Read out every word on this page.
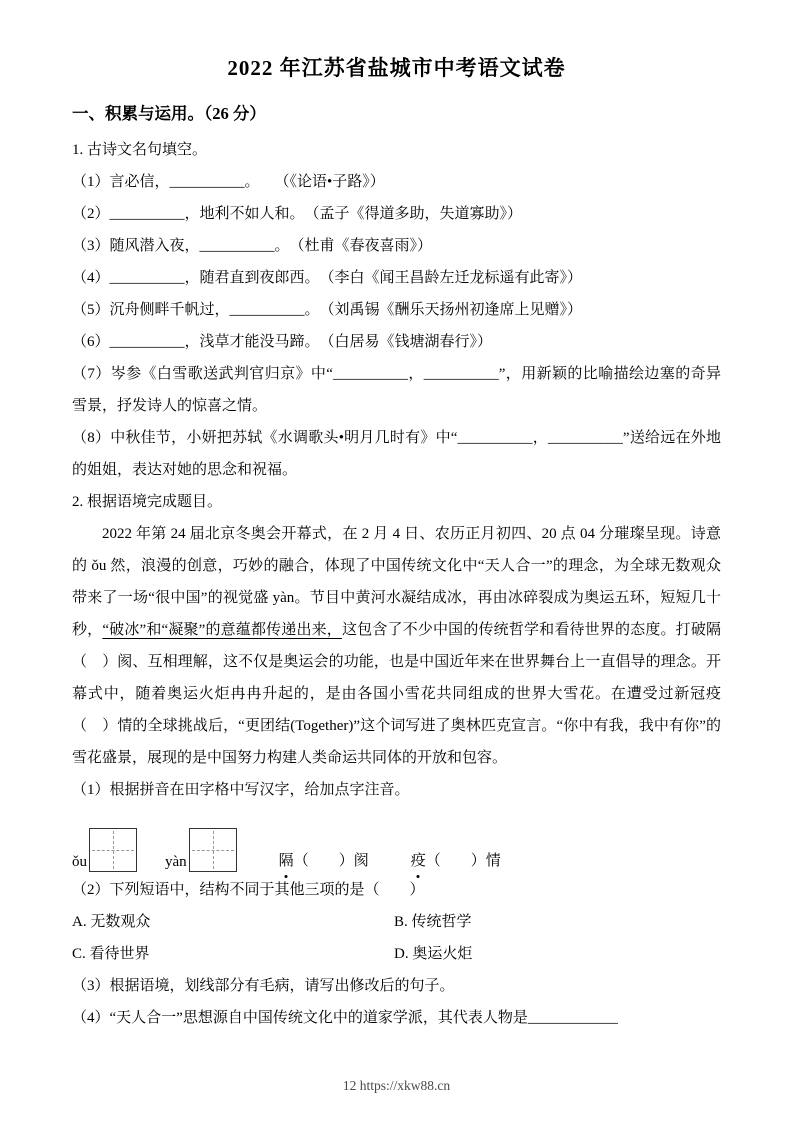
2022 年江苏省盐城市中考语文试卷
一、积累与运用。（26 分）

1. 古诗文名句填空。

（1）言必信，__________。　　（《论语•子路》）

（2）__________，地利不如人和。　（孟子《得道多助，失道寡助》）

（3）随风潜入夜，__________。　（杜甫《春夜喜雨》）

（4）__________，随君直到夜郎西。　（李白《闻王昌龄左迁龙标遥有此寄》）

（5）沉舟侧畔千帆过，__________。　（刘禹锡《酬乐天扬州初逢席上见赠》）

（6）__________，浅草才能没马蹄。　（白居易《钱塘湖春行》）

（7）岑参《白雪歌送武判官归京》中“__________，__________”，用新颖的比喻描绘边塞的奇异雪景，抒发诗人的惊喜之情。

（8）中秋佳节，小妍把苏轼《水调歌头•明月几时有》中“__________，__________”送给远在外地的姐姐，表达对她的思念和祝福。

2. 根据语境完成题目。

2022 年第 24 届北京冬奥会开幕式，在 2 月 4 日、农历正月初四、20 点 04 分璀璨呈现。诗意的 ǒu 然，浪漫的创意，巧妙的融合，体现了中国传统文化中“天人合一”的理念，为全球无数观众带来了一场“很中国”的视觉盛 yàn。节目中黄河水凝结成冰，再由冰碎裂成为奥运五环，短短几十秒，“破冰”和“凝聚”的意蕴都传递出来，这包含了不少中国的传统哲学和看待世界的态度。打破隔（　）阂、互相理解，这不仅是奥运会的功能，也是中国近年来在世界舞台上一直倡导的理念。开幕式中，随着奥运火炬冉冉升起的，是由各国小雪花共同组成的世界大雪花。在遭受过新冠疫（　）情的全球挑战后，“更团结(Together)”这个词写进了奥林匹克宣言。“你中有我，我中有你”的雪花盛景，展现的是中国努力构建人类命运共同体的开放和包容。

（1）根据拼音在田字格中写汉字，给加点字注音。

ǒu	yàn	隔（　　）阂	疫（　　）情

（2）下列短语中，结构不同于其他三项的是（　　）

A. 无数观众	B. 传统哲学
C. 看待世界	D. 奥运火炬

（3）根据语境，划线部分有毛病，请写出修改后的句子。

（4）“天人合一”思想源自中国传统文化中的道家学派，其代表人物是____________

12 https://xkw88.cn
